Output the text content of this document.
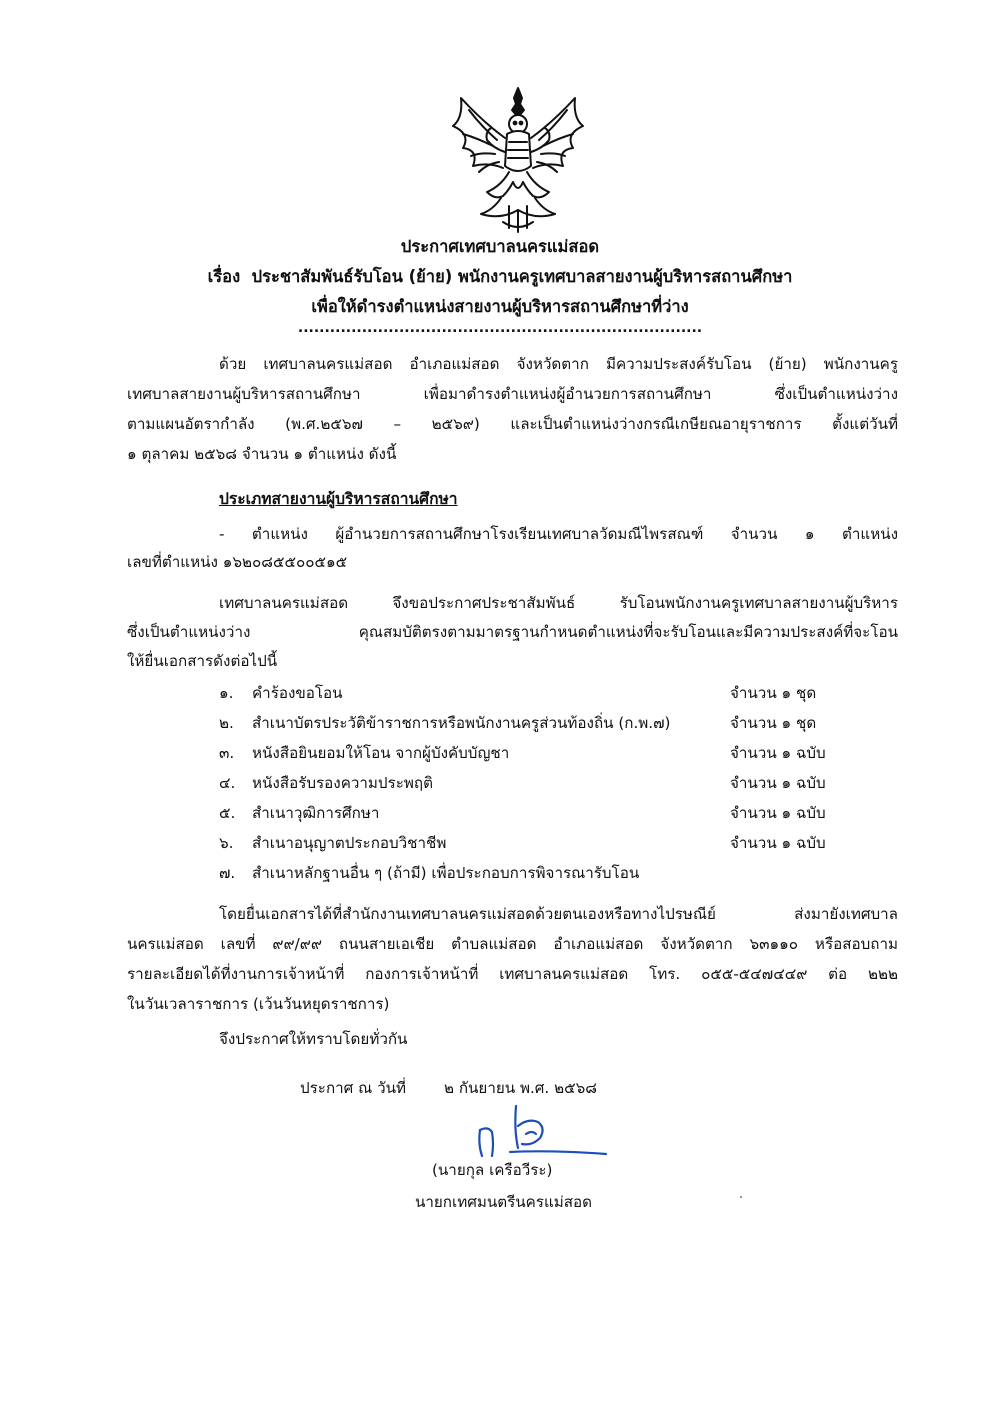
ประกาศเทศบาลนครแม่สอด
เรื่อง ประชาสัมพันธ์รับโอน (ย้าย) พนักงานครูเทศบาลสายงานผู้บริหารสถานศึกษา
เพื่อให้ดำรงตำแหน่งสายงานผู้บริหารสถานศึกษาที่ว่าง
............................................................................
ด้วย เทศบาลนครแม่สอด อำเภอแม่สอด จังหวัดตาก มีความประสงค์รับโอน (ย้าย) พนักงานครู
เทศบาลสายงานผู้บริหารสถานศึกษา เพื่อมาดำรงตำแหน่งผู้อำนวยการสถานศึกษา ซึ่งเป็นตำแหน่งว่าง
ตามแผนอัตรากำลัง (พ.ศ.๒๕๖๗ – ๒๕๖๙) และเป็นตำแหน่งว่างกรณีเกษียณอายุราชการ ตั้งแต่วันที่
๑ ตุลาคม ๒๕๖๘ จำนวน ๑ ตำแหน่ง ดังนี้
ประเภทสายงานผู้บริหารสถานศึกษา
- ตำแหน่ง ผู้อำนวยการสถานศึกษาโรงเรียนเทศบาลวัดมณีไพรสณฑ์ จำนวน ๑ ตำแหน่ง
เลขที่ตำแหน่ง ๑๖๒๐๘๕๕๐๐๕๑๕
เทศบาลนครแม่สอด จึงขอประกาศประชาสัมพันธ์ รับโอนพนักงานครูเทศบาลสายงานผู้บริหาร
ซึ่งเป็นตำแหน่งว่าง คุณสมบัติตรงตามมาตรฐานกำหนดตำแหน่งที่จะรับโอนและมีความประสงค์ที่จะโอน
ให้ยื่นเอกสารดังต่อไปนี้
๑. คำร้องขอโอน	จำนวน ๑ ชุด
๒. สำเนาบัตรประวัติข้าราชการหรือพนักงานครูส่วนท้องถิ่น (ก.พ.๗)	จำนวน ๑ ชุด
๓. หนังสือยินยอมให้โอน จากผู้บังคับบัญชา	จำนวน ๑ ฉบับ
๔. หนังสือรับรองความประพฤติ	จำนวน ๑ ฉบับ
๕. สำเนาวุฒิการศึกษา	จำนวน ๑ ฉบับ
๖. สำเนาอนุญาตประกอบวิชาชีพ	จำนวน ๑ ฉบับ
๗. สำเนาหลักฐานอื่น ๆ (ถ้ามี) เพื่อประกอบการพิจารณารับโอน
โดยยื่นเอกสารได้ที่สำนักงานเทศบาลนครแม่สอดด้วยตนเองหรือทางไปรษณีย์ ส่งมายังเทศบาล
นครแม่สอด เลขที่ ๙๙/๙๙ ถนนสายเอเชีย ตำบลแม่สอด อำเภอแม่สอด จังหวัดตาก ๖๓๑๑๐ หรือสอบถาม
รายละเอียดได้ที่งานการเจ้าหน้าที่ กองการเจ้าหน้าที่ เทศบาลนครแม่สอด โทร. ๐๕๕-๕๔๗๔๔๙ ต่อ ๒๒๒
ในวันเวลาราชการ (เว้นวันหยุดราชการ)
จึงประกาศให้ทราบโดยทั่วกัน
ประกาศ ณ วันที่	๒ กันยายน พ.ศ. ๒๕๖๘
(นายกุล เครือวีระ)
นายกเทศมนตรีนครแม่สอด
